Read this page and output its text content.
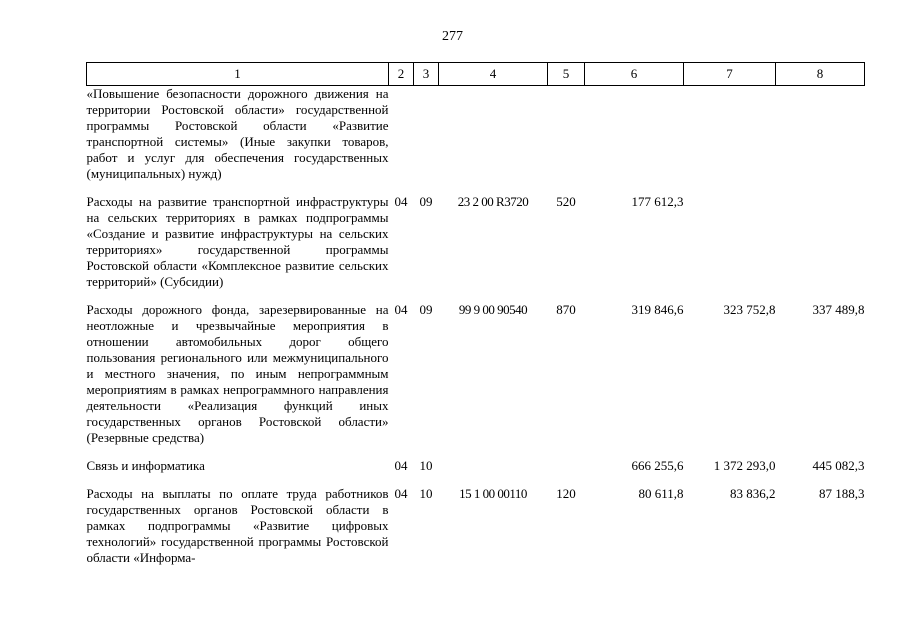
277
1	2	3	4	5	6	7	8
«Повышение безопасности дорожного движения на территории Ростовской области» государственной программы Ростовской области «Развитие транспортной системы» (Иные закупки товаров, работ и услуг для обеспечения государственных (муниципальных) нужд)							
Расходы на развитие транспортной инфраструктуры на сельских территориях в рамках подпрограммы «Создание и развитие инфраструктуры на сельских территориях» государственной программы Ростовской области «Комплексное развитие сельских территорий» (Субсидии)	04	09	23 2 00 R3720	520	177 612,3		
Расходы дорожного фонда, зарезервированные на неотложные и чрезвычайные мероприятия в отношении автомобильных дорог общего пользования регионального или межмуниципального и местного значения, по иным непрограммным мероприятиям в рамках непрограммного направления деятельности «Реализация функций иных государственных органов Ростовской области» (Резервные средства)	04	09	99 9 00 90540	870	319 846,6	323 752,8	337 489,8
Связь и информатика	04	10			666 255,6	1 372 293,0	445 082,3
Расходы на выплаты по оплате труда работников государственных органов Ростовской области в рамках подпрограммы «Развитие цифровых технологий» государственной программы Ростовской области «Информа-	04	10	15 1 00 00110	120	80 611,8	83 836,2	87 188,3
